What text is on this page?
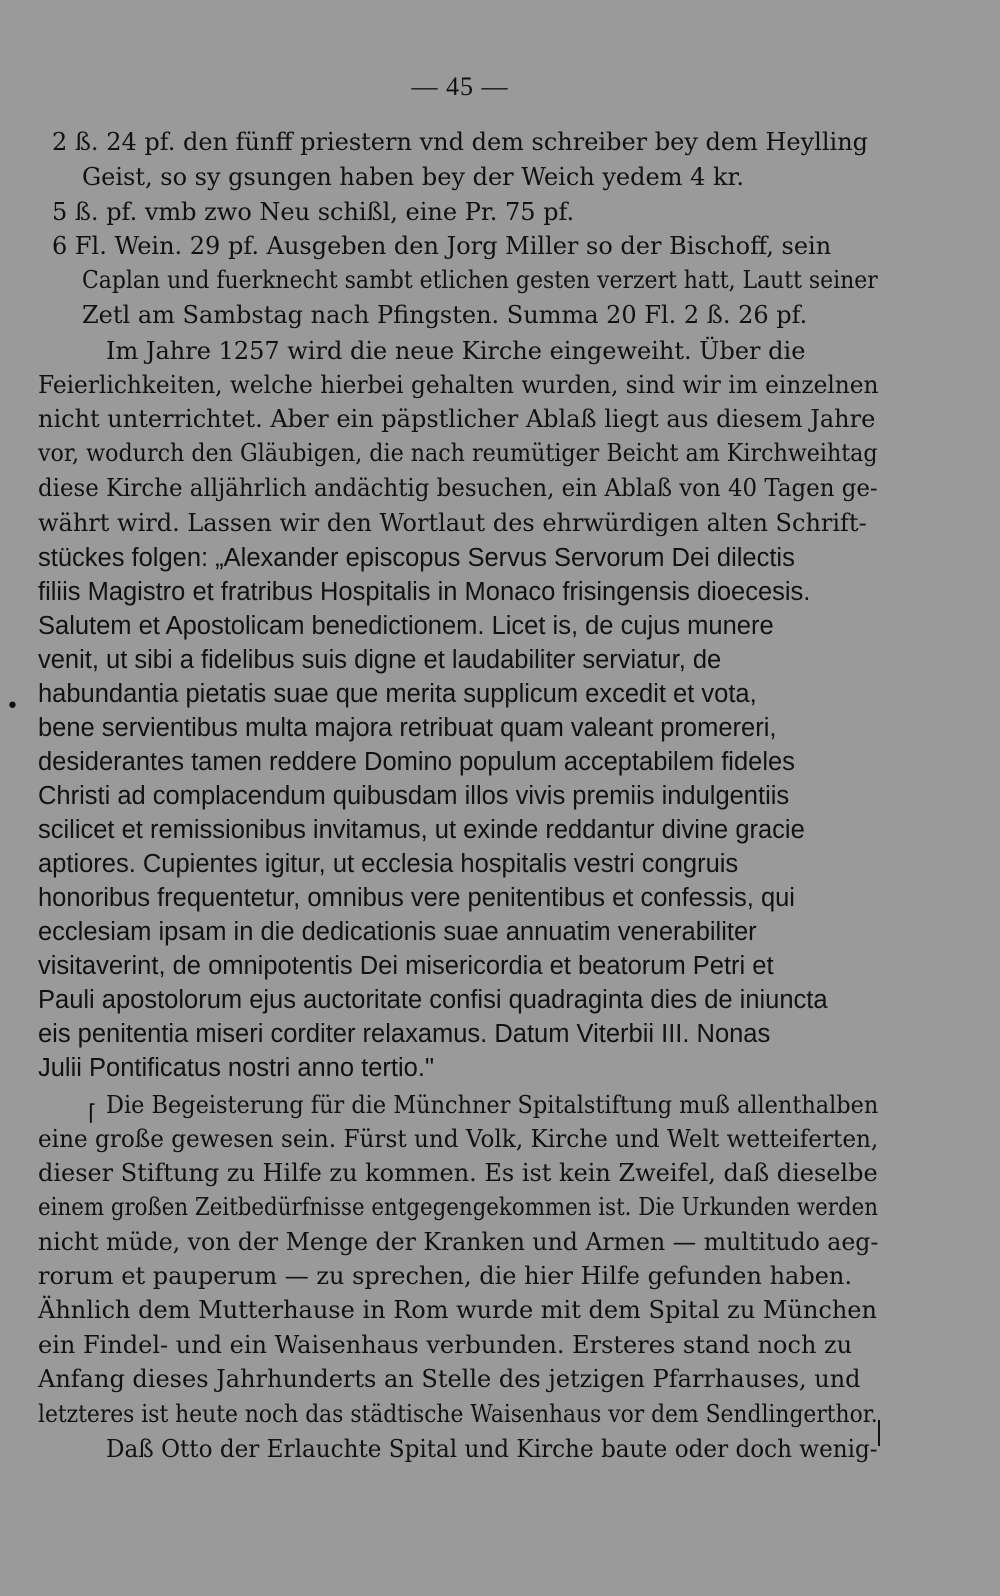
— 45 —
•
⌈
2 ß. 24 pf. den fünff priestern vnd dem schreiber bey dem Heylling
Geist, so sy gsungen haben bey der Weich yedem 4 kr.
5 ß. pf. vmb zwo Neu schißl, eine Pr. 75 pf.
6 Fl. Wein. 29 pf. Ausgeben den Jorg Miller so der Bischoff, sein
Caplan und fuerknecht sambt etlichen gesten verzert hatt, Lautt seiner
Zetl am Sambstag nach Pfingsten. Summa 20 Fl. 2 ß. 26 pf.
Im Jahre 1257 wird die neue Kirche eingeweiht. Über die
Feierlichkeiten, welche hierbei gehalten wurden, sind wir im einzelnen
nicht unterrichtet. Aber ein päpstlicher Ablaß liegt aus diesem Jahre
vor, wodurch den Gläubigen, die nach reumütiger Beicht am Kirchweihtag
diese Kirche alljährlich andächtig besuchen, ein Ablaß von 40 Tagen ge-
währt wird. Lassen wir den Wortlaut des ehrwürdigen alten Schrift-
stückes folgen: „Alexander episcopus Servus Servorum Dei dilectis
filiis Magistro et fratribus Hospitalis in Monaco frisingensis dioecesis.
Salutem et Apostolicam benedictionem. Licet is, de cujus munere
venit, ut sibi a fidelibus suis digne et laudabiliter serviatur, de
habundantia pietatis suae que merita supplicum excedit et vota,
bene servientibus multa majora retribuat quam valeant promereri,
desiderantes tamen reddere Domino populum acceptabilem fideles
Christi ad complacendum quibusdam illos vivis premiis indulgentiis
scilicet et remissionibus invitamus, ut exinde reddantur divine gracie
aptiores. Cupientes igitur, ut ecclesia hospitalis vestri congruis
honoribus frequentetur, omnibus vere penitentibus et confessis, qui
ecclesiam ipsam in die dedicationis suae annuatim venerabiliter
visitaverint, de omnipotentis Dei misericordia et beatorum Petri et
Pauli apostolorum ejus auctoritate confisi quadraginta dies de iniuncta
eis penitentia miseri corditer relaxamus. Datum Viterbii III. Nonas
Julii Pontificatus nostri anno tertio."
Die Begeisterung für die Münchner Spitalstiftung muß allenthalben
eine große gewesen sein. Fürst und Volk, Kirche und Welt wetteiferten,
dieser Stiftung zu Hilfe zu kommen. Es ist kein Zweifel, daß dieselbe
einem großen Zeitbedürfnisse entgegengekommen ist. Die Urkunden werden
nicht müde, von der Menge der Kranken und Armen — multitudo aeg-
rorum et pauperum — zu sprechen, die hier Hilfe gefunden haben.
Ähnlich dem Mutterhause in Rom wurde mit dem Spital zu München
ein Findel- und ein Waisenhaus verbunden. Ersteres stand noch zu
Anfang dieses Jahrhunderts an Stelle des jetzigen Pfarrhauses, und
letzteres ist heute noch das städtische Waisenhaus vor dem Sendlingerthor.
Daß Otto der Erlauchte Spital und Kirche baute oder doch wenig-
